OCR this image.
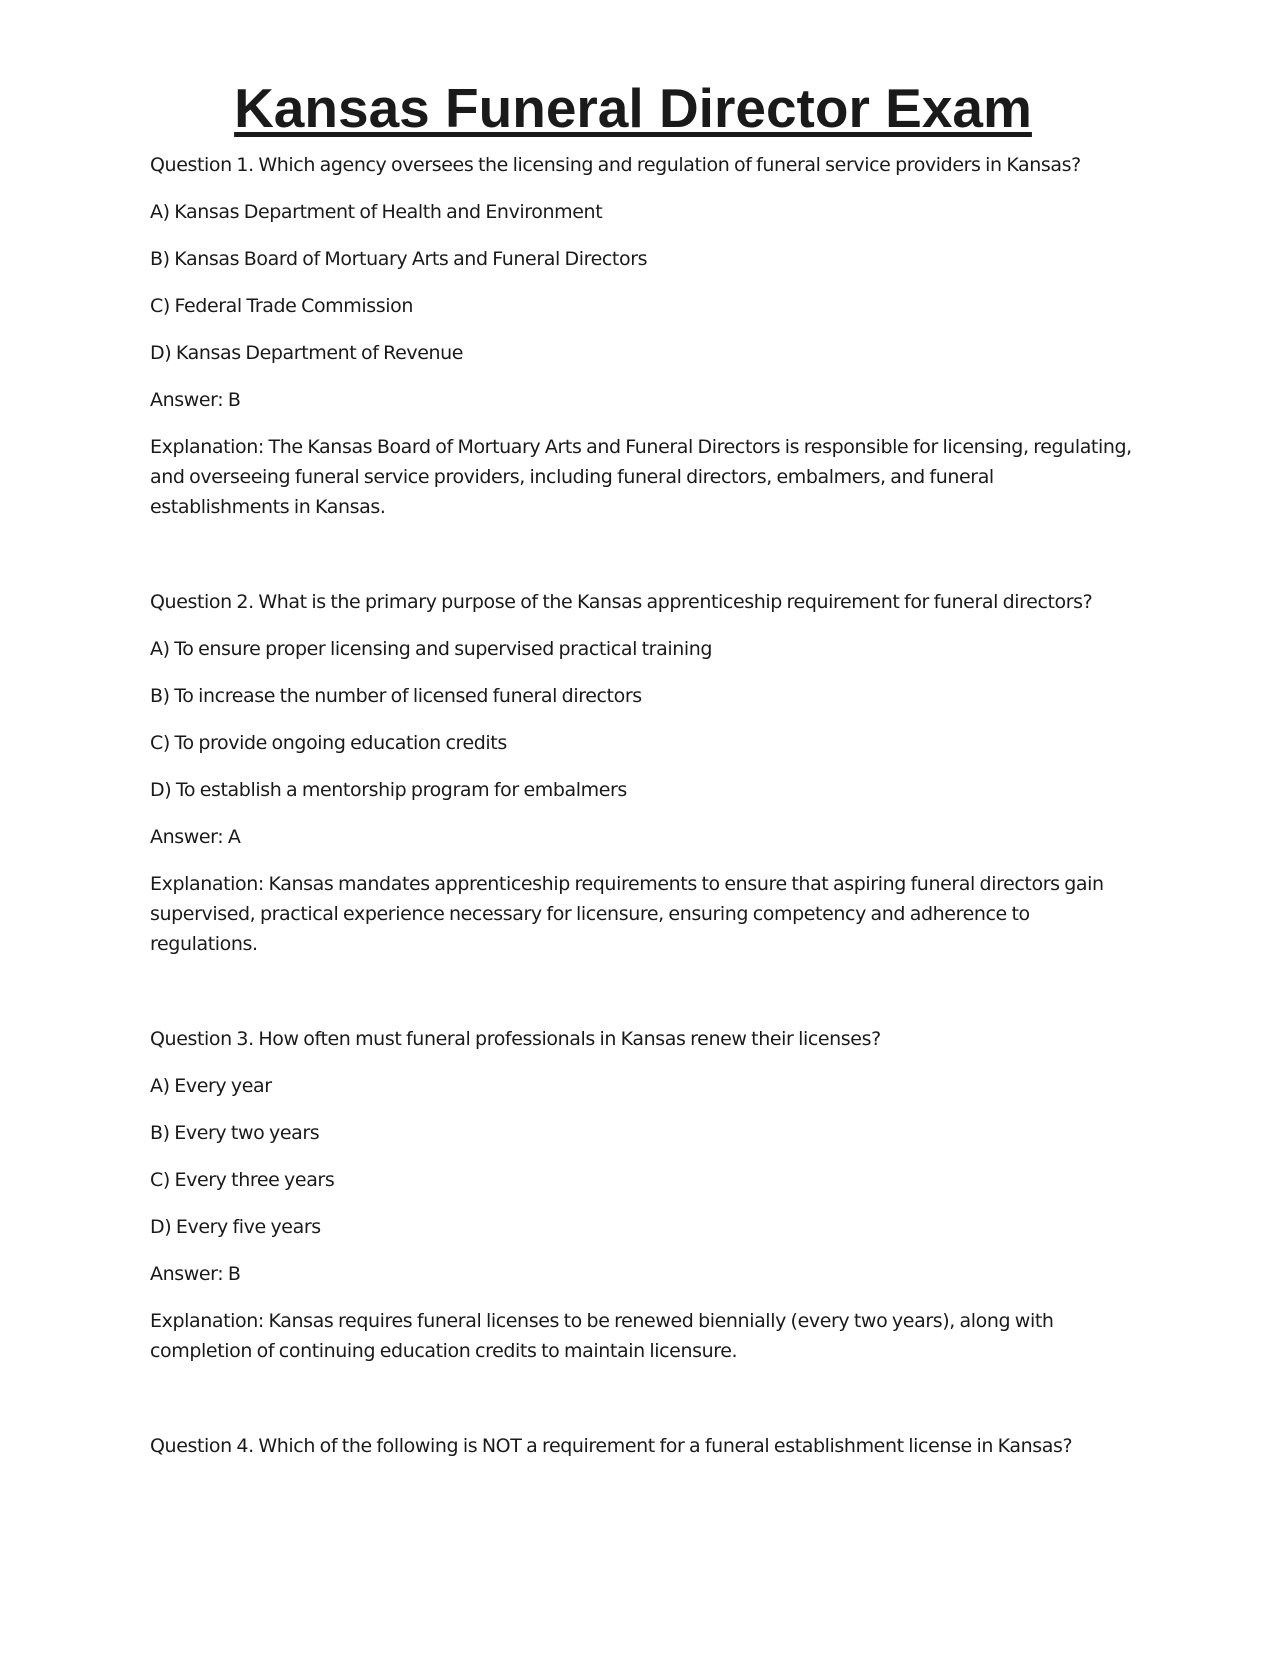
Kansas Funeral Director Exam

Question 1. Which agency oversees the licensing and regulation of funeral service providers in Kansas?

A) Kansas Department of Health and Environment

B) Kansas Board of Mortuary Arts and Funeral Directors

C) Federal Trade Commission

D) Kansas Department of Revenue

Answer: B

Explanation: The Kansas Board of Mortuary Arts and Funeral Directors is responsible for licensing, regulating, and overseeing funeral service providers, including funeral directors, embalmers, and funeral establishments in Kansas.

Question 2. What is the primary purpose of the Kansas apprenticeship requirement for funeral directors?

A) To ensure proper licensing and supervised practical training

B) To increase the number of licensed funeral directors

C) To provide ongoing education credits

D) To establish a mentorship program for embalmers

Answer: A

Explanation: Kansas mandates apprenticeship requirements to ensure that aspiring funeral directors gain supervised, practical experience necessary for licensure, ensuring competency and adherence to regulations.

Question 3. How often must funeral professionals in Kansas renew their licenses?

A) Every year

B) Every two years

C) Every three years

D) Every five years

Answer: B

Explanation: Kansas requires funeral licenses to be renewed biennially (every two years), along with completion of continuing education credits to maintain licensure.

Question 4. Which of the following is NOT a requirement for a funeral establishment license in Kansas?
